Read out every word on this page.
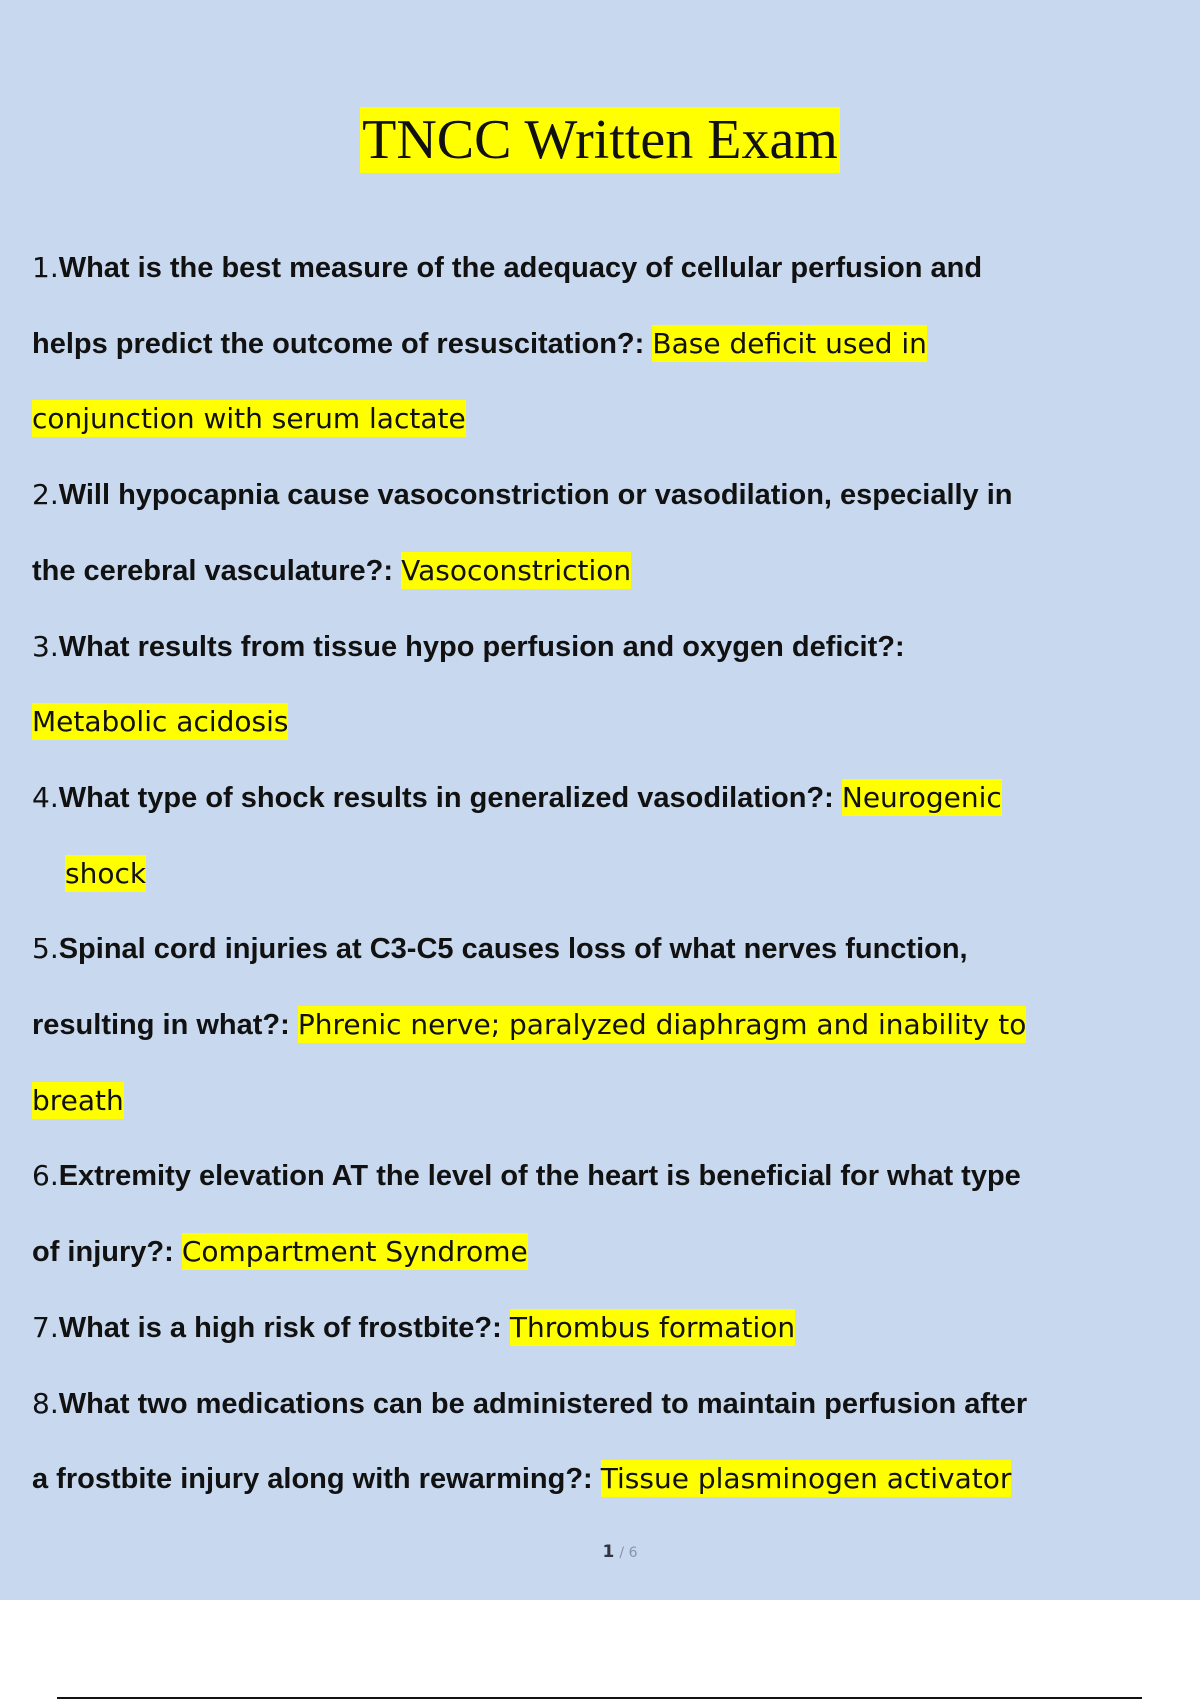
TNCC Written Exam
1.What is the best measure of the adequacy of cellular perfusion and
helps predict the outcome of resuscitation?: Base deficit used in
conjunction with serum lactate
2.Will hypocapnia cause vasoconstriction or vasodilation, especially in
the cerebral vasculature?: Vasoconstriction
3.What results from tissue hypo perfusion and oxygen deficit?:
Metabolic acidosis
4.What type of shock results in generalized vasodilation?: Neurogenic
shock
5.Spinal cord injuries at C3-C5 causes loss of what nerves function,
resulting in what?: Phrenic nerve; paralyzed diaphragm and inability to
breath
6.Extremity elevation AT the level of the heart is beneficial for what type
of injury?: Compartment Syndrome
7.What is a high risk of frostbite?: Thrombus formation
8.What two medications can be administered to maintain perfusion after
a frostbite injury along with rewarming?: Tissue plasminogen activator
1 / 6
